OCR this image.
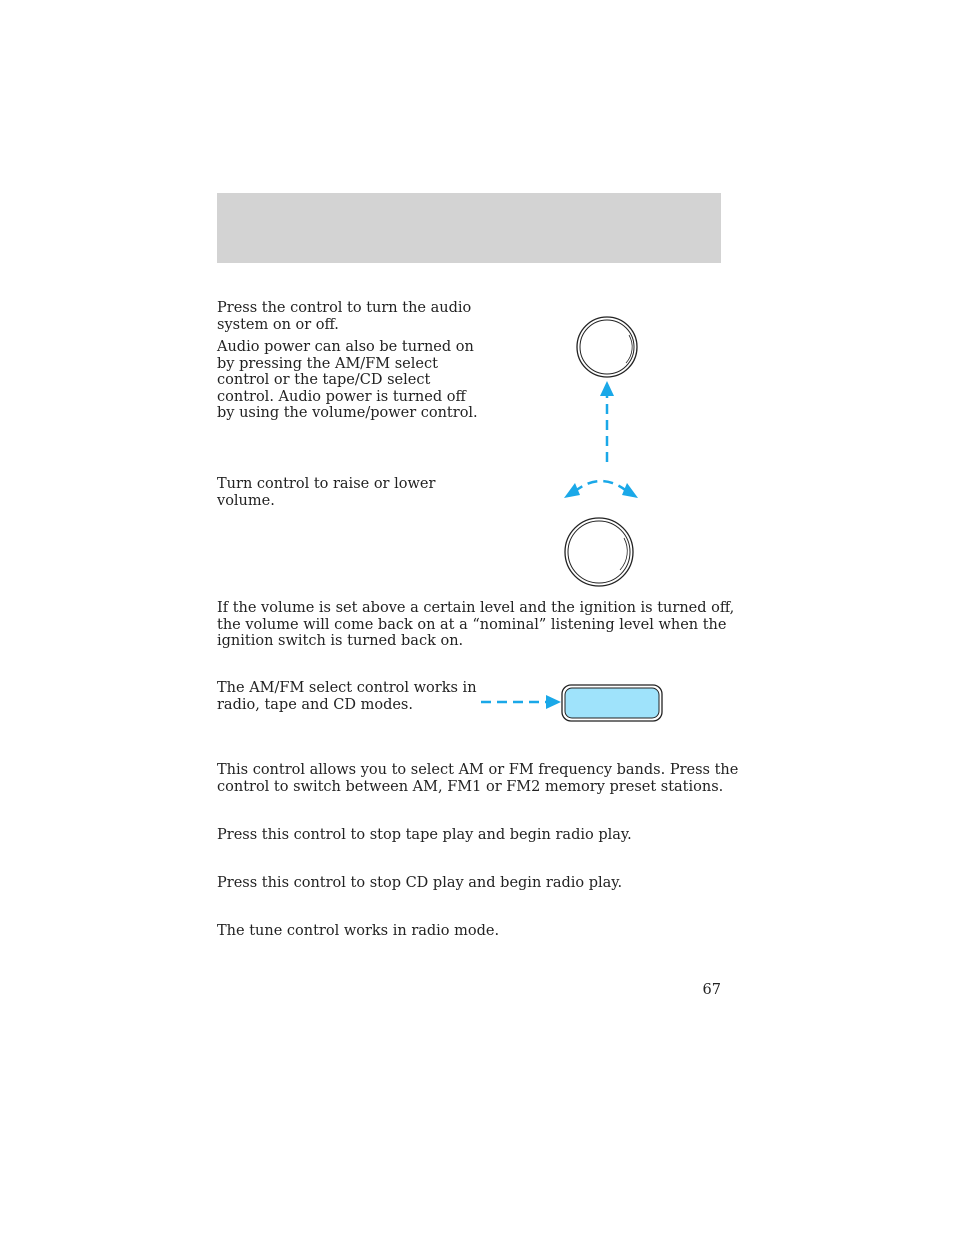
Press the control to turn the audio
system on or off.

Audio power can also be turned on
by pressing the AM/FM select
control or the tape/CD select
control. Audio power is turned off
by using the volume/power control.

Turn control to raise or lower
volume.

If the volume is set above a certain level and the ignition is turned off,
the volume will come back on at a “nominal” listening level when the
ignition switch is turned back on.

The AM/FM select control works in
radio, tape and CD modes.

This control allows you to select AM or FM frequency bands. Press the
control to switch between AM, FM1 or FM2 memory preset stations.

Press this control to stop tape play and begin radio play.

Press this control to stop CD play and begin radio play.

The tune control works in radio mode.

67
